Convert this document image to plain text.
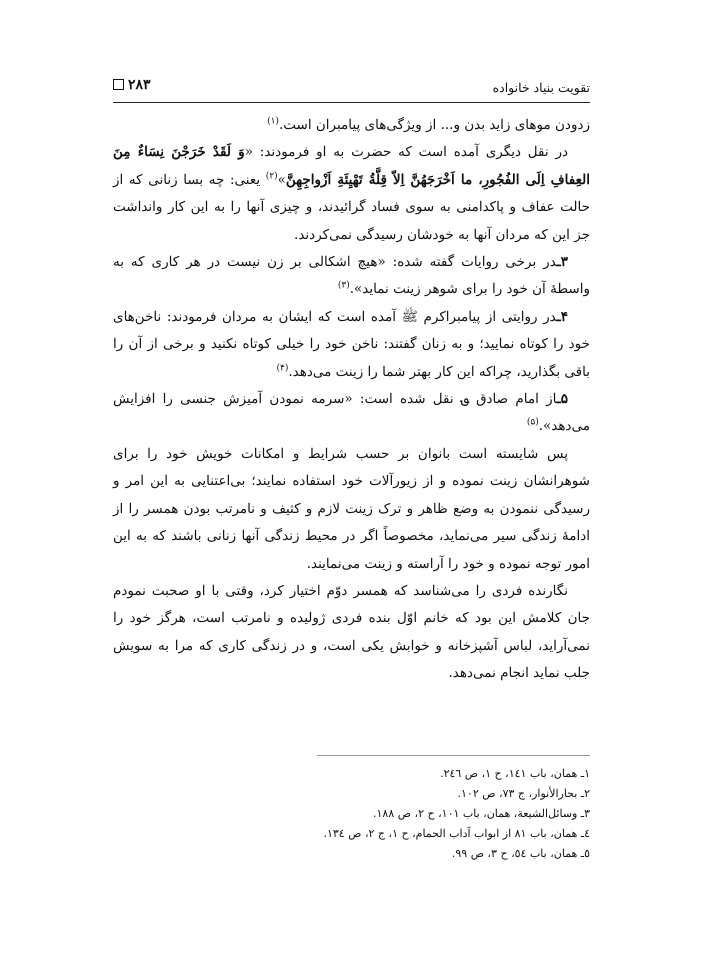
تقویت بنیاد خانواده
۲۸۳

زدودن موهای زاید بدن و... از ویژگی‌های پیامبران است.$^{(۱)}$

در نقل دیگری آمده است که حضرت به او فرمودند: «وَ لَقَدْ خَرَجْنَ نِسَاءٌ مِنَ العِفافِ اِلَى الفُجُورِ، ما اَخْرَجَهُنَّ اِلاّ قِلَّةُ تَهْيِئَةِ اَزْواجِهِنَّ»$^{(۲)}$ یعنی: چه بسا زنانی که از حالت عفاف و پاکدامنی به سوی فساد گرائیدند، و چیزی آنها را به این کار وانداشت جز این که مردان آنها به خودشان رسیدگی نمی‌کردند.

۳ـدر برخی روایات گفته شده: «هیچ اشکالی بر زن نیست در هر کاری که به واسطهٔ آن خود را برای شوهر زینت نماید».$^{(۳)}$

۴ـدر روایتی از پیامبراکرم ﷺ آمده است که ایشان به مردان فرمودند: ناخن‌های خود را کوتاه نمایید؛ و به زنان گفتند: ناخن خود را خیلی کوتاه نکنید و برخی از آن را باقی بگذارید، چراکه این کار بهتر شما را زینت می‌دهد.$^{(۴)}$

۵ـاز امام صادق ؈ نقل شده است: «سرمه نمودن آمیزش جنسی را افزایش می‌دهد».$^{(۵)}$

پس شایسته است بانوان بر حسب شرایط و امکانات خویش خود را برای شوهرانشان زینت نموده و از زیورآلات خود استفاده نمایند؛ بی‌اعتنایی به این امر و رسیدگی ننمودن به وضع ظاهر و ترک زینت لازم و کثیف و نامرتب بودن همسر را از ادامهٔ زندگی سیر می‌نماید، مخصوصاً اگر در محیط زندگی آنها زنانی باشند که به این امور توجه نموده و خود را آراسته و زینت می‌نمایند.

نگارنده فردی را می‌شناسد که همسر دوّم اختیار کرد، وقتی با او صحبت نمودم جان کلامش این بود که خانم اوّل بنده فردی ژولیده و نامرتب است، هرگز خود را نمی‌آراید، لباس آشپزخانه و خوابش یکی است، و در زندگی کاری که مرا به سویش جلب نماید انجام نمی‌دهد.

۱ـ همان، باب ۱٤۱، ح ۱، ص ۲٤٦.
۲ـ بحارالأنوار، ج ۷۳، ص ۱۰۲.
۳ـ وسائل‌الشیعة، همان، باب ۱۰۱، ح ۲، ص ۱۸۸.
٤ـ همان، باب ۸۱ از ابواب آداب الحمام، ح ۱، ج ۲، ص ۱۳٤.
٥ـ همان، باب ٥٤، ح ۳، ص ۹۹.
